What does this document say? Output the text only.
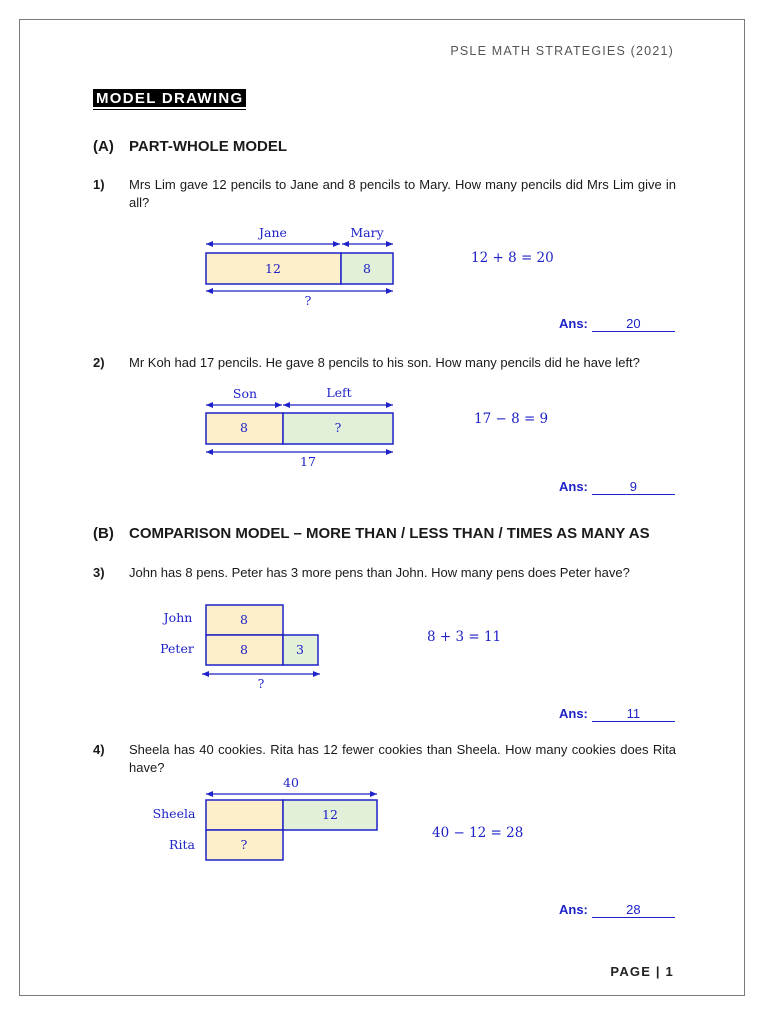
PSLE MATH STRATEGIES (2021)
MODEL DRAWING
(A) PART-WHOLE MODEL
1) Mrs Lim gave 12 pencils to Jane and 8 pencils to Mary. How many pencils did Mrs Lim give in all?
Jane	Mary
12	8
?
12 + 8 = 20
Ans:	20
2) Mr Koh had 17 pencils. He gave 8 pencils to his son. How many pencils did he have left?
Son	Left
8	?
17
17 − 8 = 9
Ans:	9
(B) COMPARISON MODEL – MORE THAN / LESS THAN / TIMES AS MANY AS
3) John has 8 pens. Peter has 3 more pens than John. How many pens does Peter have?
John
Peter
8
8	3
?
8 + 3 = 11
Ans:	11
4) Sheela has 40 cookies. Rita has 12 fewer cookies than Sheela. How many cookies does Rita have?
40
Sheela
Rita
12
?
40 − 12 = 28
Ans:	28
PAGE | 1
